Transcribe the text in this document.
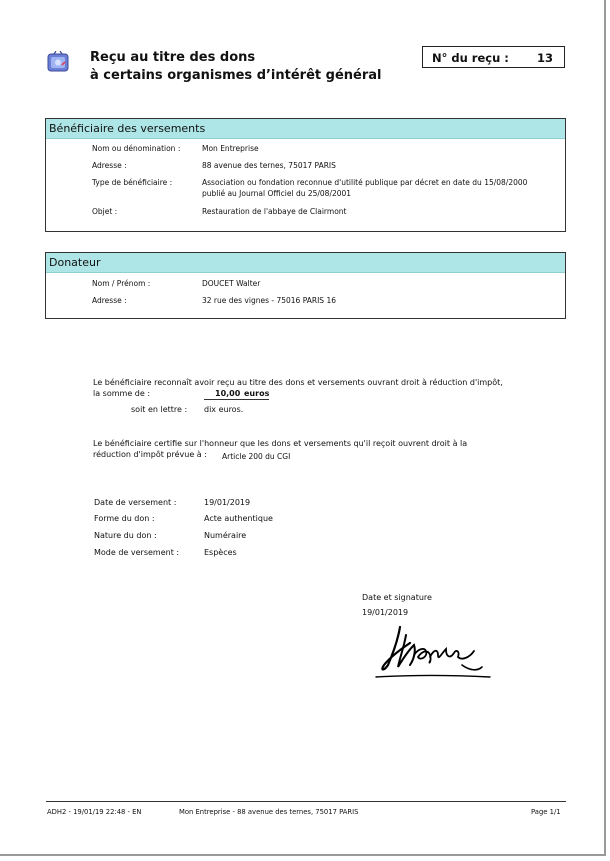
Reçu au titre des dons
à certains organismes d’intérêt général
N° du reçu : 13
Bénéficiaire des versements
Nom ou dénomination :	Mon Entreprise
Adresse :	88 avenue des ternes, 75017 PARIS
Type de bénéficiaire :	Association ou fondation reconnue d'utilité publique par décret en date du 15/08/2000
publié au Journal Officiel du 25/08/2001
Objet :	Restauration de l'abbaye de Clairmont
Donateur
Nom / Prénom :	DOUCET Walter
Adresse :	32 rue des vignes - 75016 PARIS 16
Le bénéficiaire reconnaît avoir reçu au titre des dons et versements ouvrant droit à réduction d'impôt,
la somme de :	10,00 euros
soit en lettre : dix euros.
Le bénéficiaire certifie sur l'honneur que les dons et versements qu'il reçoit ouvrent droit à la
réduction d'impôt prévue à : Article 200 du CGI
Date de versement :	19/01/2019
Forme du don :	Acte authentique
Nature du don :	Numéraire
Mode de versement :	Espèces
Date et signature
19/01/2019
ADH2 - 19/01/19 22:48 - EN	Mon Entreprise - 88 avenue des ternes, 75017 PARIS	Page 1/1
